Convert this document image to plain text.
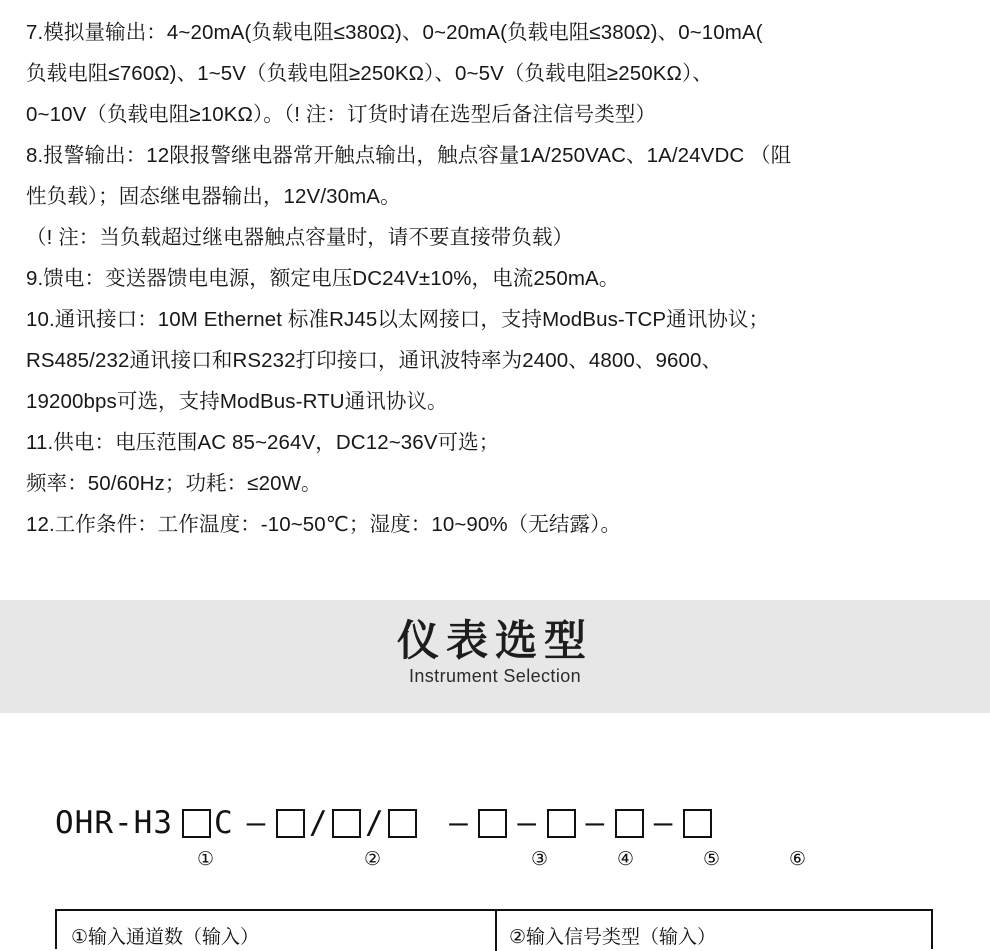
7.模拟量输出：4~20mA(负载电阻≤380Ω)、0~20mA(负载电阻≤380Ω)、0~10mA(
负载电阻≤760Ω)、1~5V（负载电阻≥250KΩ）、0~5V（负载电阻≥250KΩ）、
0~10V（负载电阻≥10KΩ）。（! 注：订货时请在选型后备注信号类型）
8.报警输出：12限报警继电器常开触点输出，触点容量1A/250VAC、1A/24VDC （阻
性负载）；固态继电器输出，12V/30mA。
（! 注：当负载超过继电器触点容量时，请不要直接带负载）
9.馈电：变送器馈电电源，额定电压DC24V±10%，电流250mA。
10.通讯接口：10M Ethernet 标准RJ45以太网接口，支持ModBus-TCP通讯协议；
RS485/232通讯接口和RS232打印接口，通讯波特率为2400、4800、9600、
19200bps可选，支持ModBus-RTU通讯协议。
11.供电：电压范围AC 85~264V，DC12~36V可选；
频率：50/60Hz；功耗：≤20W。
12.工作条件：工作温度：-10~50℃；湿度：10~90%（无结露）。
仪表选型
Instrument Selection
OHR-H3 C — / / — — — —
①	②	③	④	⑤	⑥
①输入通道数（输入）	②输入信号类型（输入）
